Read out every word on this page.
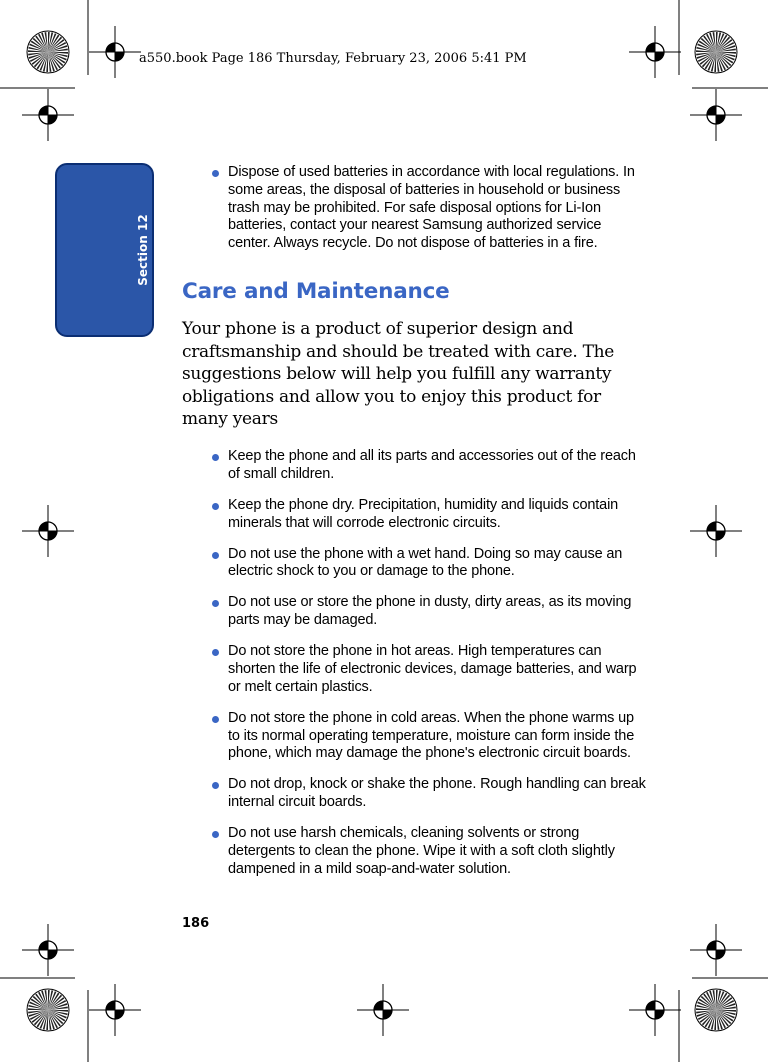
a550.book Page 186 Thursday, February 23, 2006 5:41 PM
Section 12
Dispose of used batteries in accordance with local regulations. In some areas, the disposal of batteries in household or business trash may be prohibited. For safe disposal options for Li-Ion batteries, contact your nearest Samsung authorized service center. Always recycle. Do not dispose of batteries in a fire.
Care and Maintenance

Your phone is a product of superior design and craftsmanship and should be treated with care. The suggestions below will help you fulfill any warranty obligations and allow you to enjoy this product for many years

Keep the phone and all its parts and accessories out of the reach of small children.
Keep the phone dry. Precipitation, humidity and liquids contain minerals that will corrode electronic circuits.
Do not use the phone with a wet hand. Doing so may cause an electric shock to you or damage to the phone.
Do not use or store the phone in dusty, dirty areas, as its moving parts may be damaged.
Do not store the phone in hot areas. High temperatures can shorten the life of electronic devices, damage batteries, and warp or melt certain plastics.
Do not store the phone in cold areas. When the phone warms up to its normal operating temperature, moisture can form inside the phone, which may damage the phone's electronic circuit boards.
Do not drop, knock or shake the phone. Rough handling can break internal circuit boards.
Do not use harsh chemicals, cleaning solvents or strong detergents to clean the phone. Wipe it with a soft cloth slightly dampened in a mild soap-and-water solution.
186
